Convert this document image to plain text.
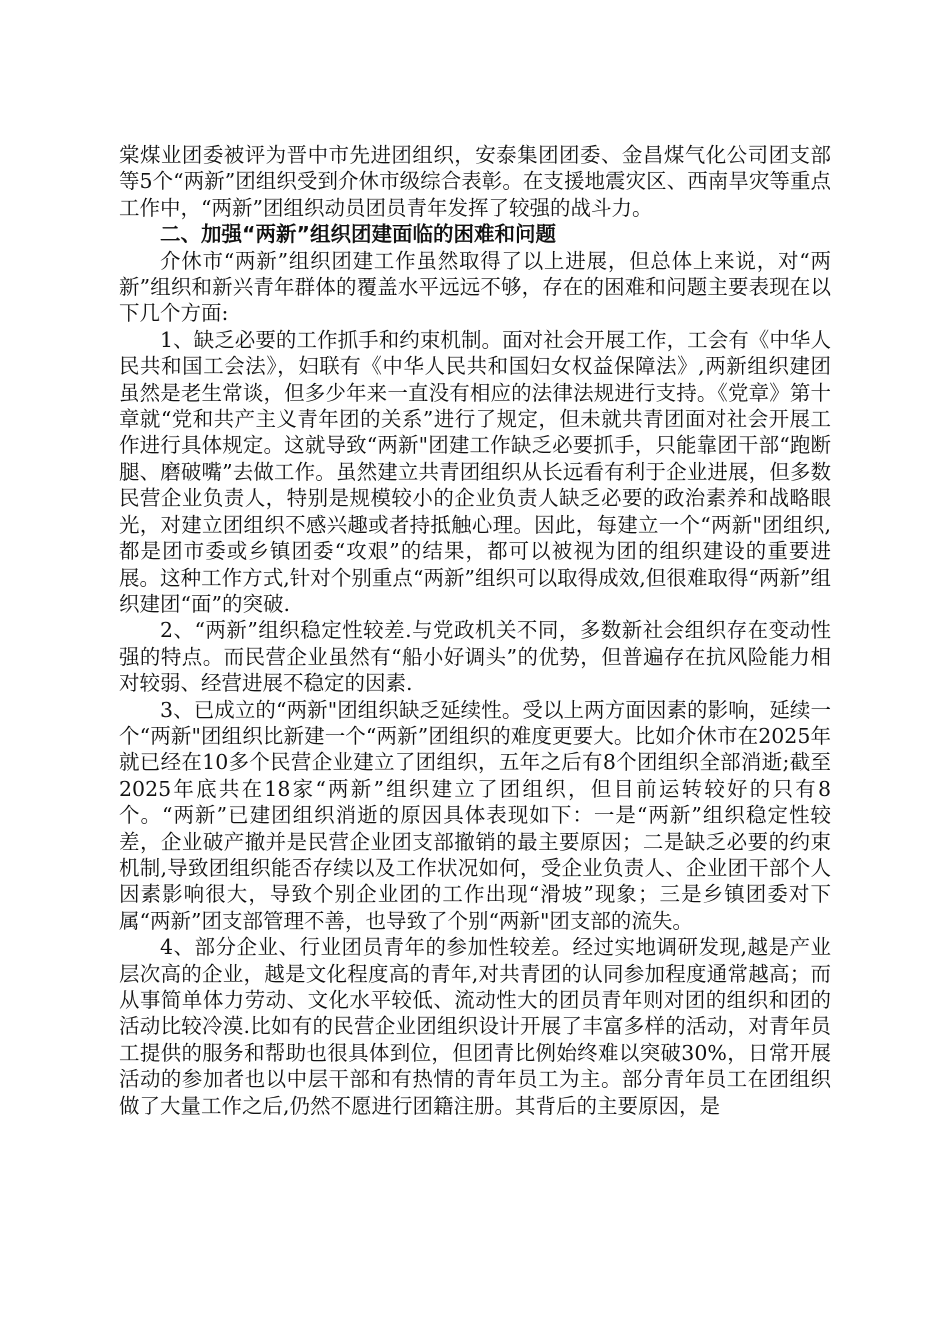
棠煤业团委被评为晋中市先进团组织，安泰集团团委、金昌煤气化公司团支部等5个“两新”团组织受到介休市级综合表彰。在支援地震灾区、西南旱灾等重点工作中，“两新”团组织动员团员青年发挥了较强的战斗力。

二、加强“两新”组织团建面临的困难和问题

介休市“两新”组织团建工作虽然取得了以上进展，但总体上来说，对“两新”组织和新兴青年群体的覆盖水平远远不够，存在的困难和问题主要表现在以下几个方面:

1、缺乏必要的工作抓手和约束机制。面对社会开展工作，工会有《中华人民共和国工会法》，妇联有《中华人民共和国妇女权益保障法》,两新组织建团虽然是老生常谈，但多少年来一直没有相应的法律法规进行支持。《党章》第十章就“党和共产主义青年团的关系”进行了规定，但未就共青团面对社会开展工作进行具体规定。这就导致“两新"团建工作缺乏必要抓手，只能靠团干部“跑断腿、磨破嘴”去做工作。虽然建立共青团组织从长远看有利于企业进展，但多数民营企业负责人，特别是规模较小的企业负责人缺乏必要的政治素养和战略眼光，对建立团组织不感兴趣或者持抵触心理。因此，每建立一个“两新"团组织,都是团市委或乡镇团委“攻艰”的结果，都可以被视为团的组织建设的重要进展。这种工作方式,针对个别重点“两新”组织可以取得成效,但很难取得“两新”组织建团“面”的突破.

2、“两新”组织稳定性较差.与党政机关不同，多数新社会组织存在变动性强的特点。而民营企业虽然有“船小好调头”的优势，但普遍存在抗风险能力相对较弱、经营进展不稳定的因素.

3、已成立的“两新"团组织缺乏延续性。受以上两方面因素的影响，延续一个“两新"团组织比新建一个“两新”团组织的难度更要大。比如介休市在2025年就已经在10多个民营企业建立了团组织，五年之后有8个团组织全部消逝;截至2025年底共在18家“两新”组织建立了团组织，但目前运转较好的只有8个。“两新”已建团组织消逝的原因具体表现如下：一是“两新”组织稳定性较差，企业破产撤并是民营企业团支部撤销的最主要原因；二是缺乏必要的约束机制,导致团组织能否存续以及工作状况如何，受企业负责人、企业团干部个人因素影响很大，导致个别企业团的工作出现“滑坡”现象；三是乡镇团委对下属“两新”团支部管理不善，也导致了个别“两新"团支部的流失。

4、部分企业、行业团员青年的参加性较差。经过实地调研发现,越是产业层次高的企业，越是文化程度高的青年,对共青团的认同参加程度通常越高；而从事简单体力劳动、文化水平较低、流动性大的团员青年则对团的组织和团的活动比较冷漠.比如有的民营企业团组织设计开展了丰富多样的活动，对青年员工提供的服务和帮助也很具体到位，但团青比例始终难以突破30%，日常开展活动的参加者也以中层干部和有热情的青年员工为主。部分青年员工在团组织做了大量工作之后,仍然不愿进行团籍注册。其背后的主要原因，是
